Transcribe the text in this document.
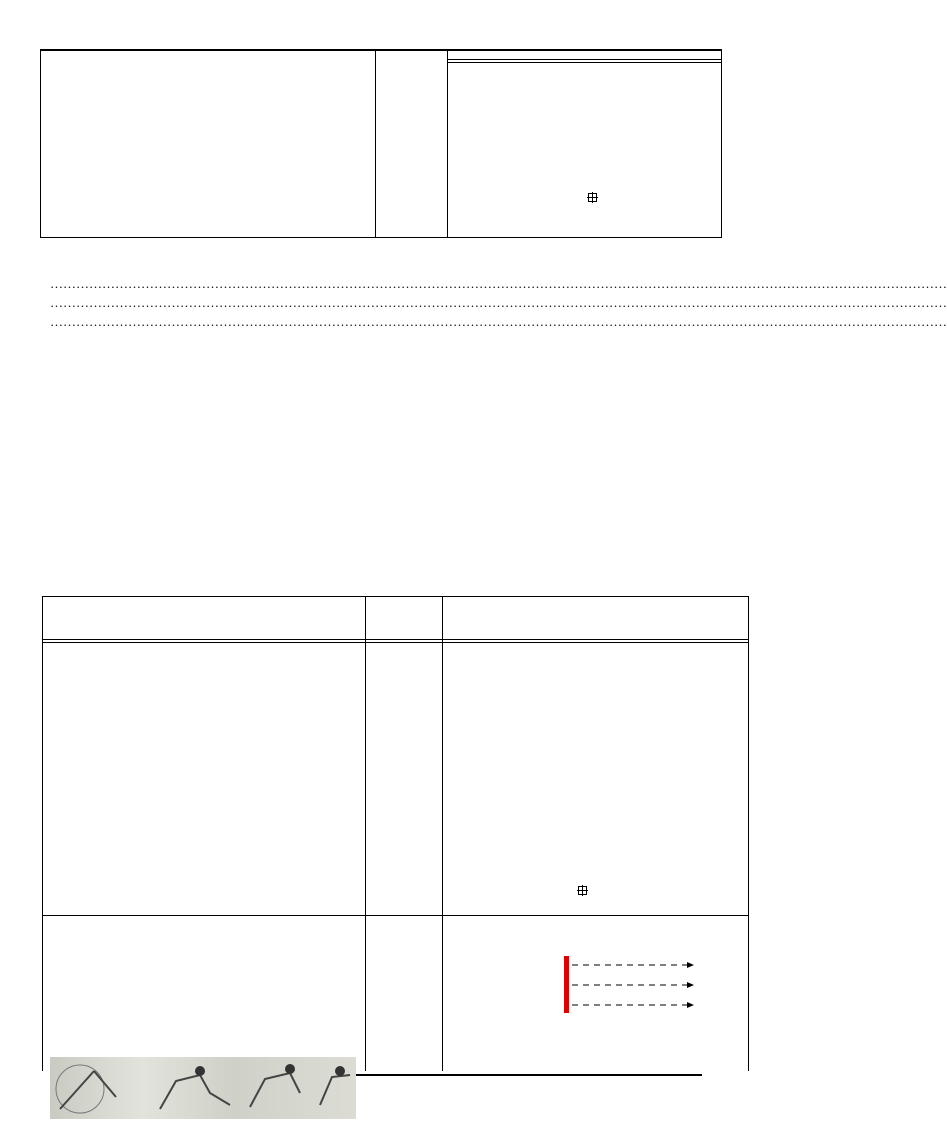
………………………………………………………………………………………………………………………………………………………………………………………
………………………………………………………………………………………………………………………………………………………………………………………
………………………………………………………………………………………………………………………………………………………………………………………
